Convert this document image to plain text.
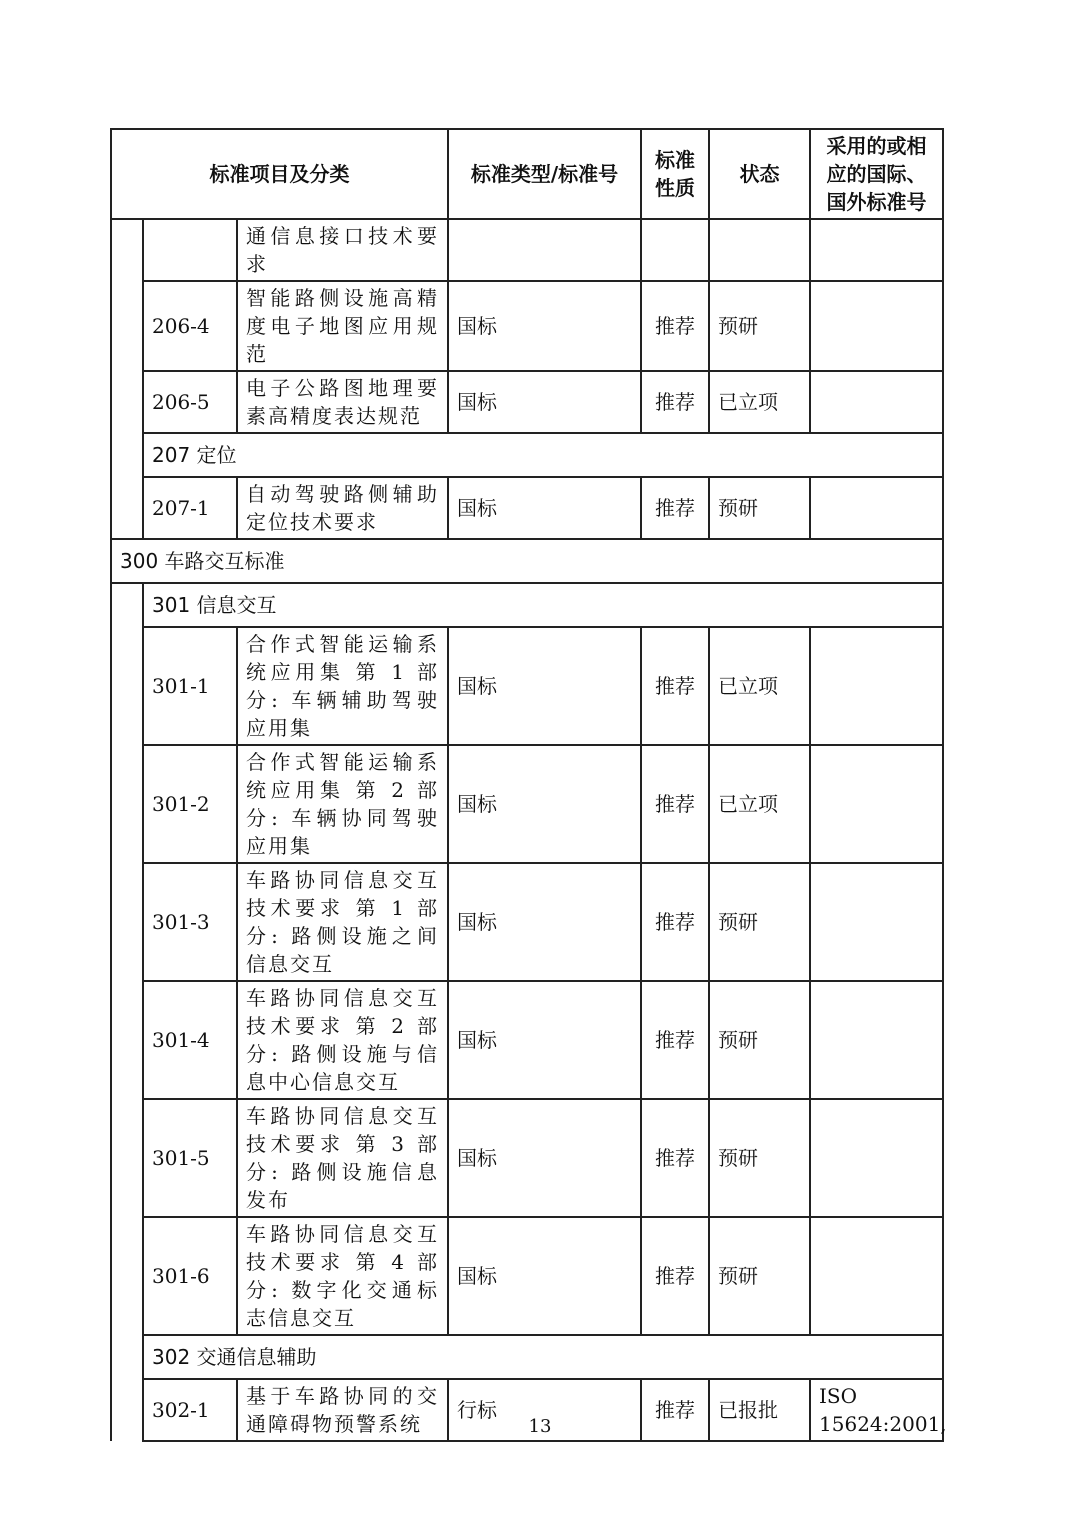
标准项目及分类			标准类型/标准号	标准性质	状态	采用的或相应的国际、国外标准号
		通信息接口技术要求				
	206-4	智能路侧设施高精度电子地图应用规范	国标	推荐	预研	
	206-5	电子公路图地理要素高精度表达规范	国标	推荐	已立项	
	207 定位					
	207-1	自动驾驶路侧辅助定位技术要求	国标	推荐	预研	
300 车路交互标准						
	301 信息交互					
	301-1	合作式智能运输系统应用集 第 1 部分: 车辆辅助驾驶应用集	国标	推荐	已立项	
	301-2	合作式智能运输系统应用集 第 2 部分: 车辆协同驾驶应用集	国标	推荐	已立项	
	301-3	车路协同信息交互技术要求 第 1 部分: 路侧设施之间信息交互	国标	推荐	预研	
	301-4	车路协同信息交互技术要求 第 2 部分: 路侧设施与信息中心信息交互	国标	推荐	预研	
	301-5	车路协同信息交互技术要求 第 3 部分: 路侧设施信息发布	国标	推荐	预研	
	301-6	车路协同信息交互技术要求 第 4 部分: 数字化交通标志信息交互	国标	推荐	预研	
	302 交通信息辅助					
	302-1	基于车路协同的交通障碍物预警系统	行标	推荐	已报批	ISO 15624:2001,
13
